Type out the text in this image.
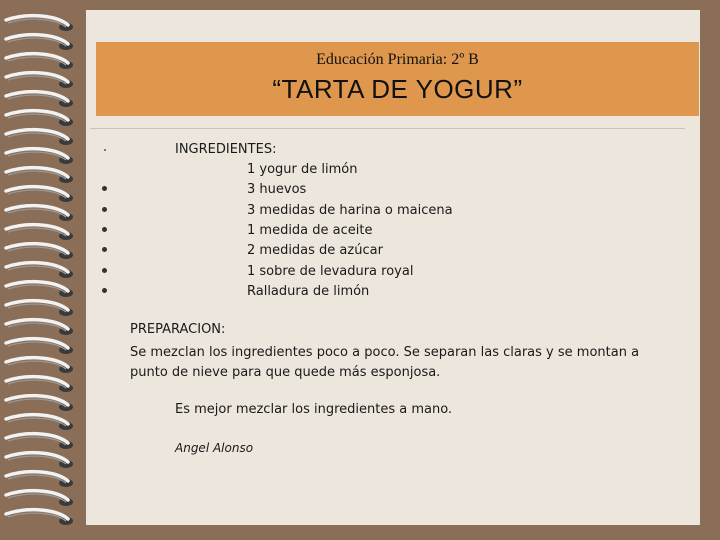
Educación Primaria: 2º B
“TARTA DE YOGUR”
INGREDIENTES:
1 yogur de limón
3 huevos
3 medidas de harina o maicena
1 medida de aceite
2 medidas de azúcar
1 sobre de levadura royal
Ralladura de limón
PREPARACION:
Se mezclan los ingredientes poco a poco. Se separan las claras y se montan a punto de nieve para que quede más esponjosa.
Es mejor mezclar los ingredientes a mano.
Angel Alonso
